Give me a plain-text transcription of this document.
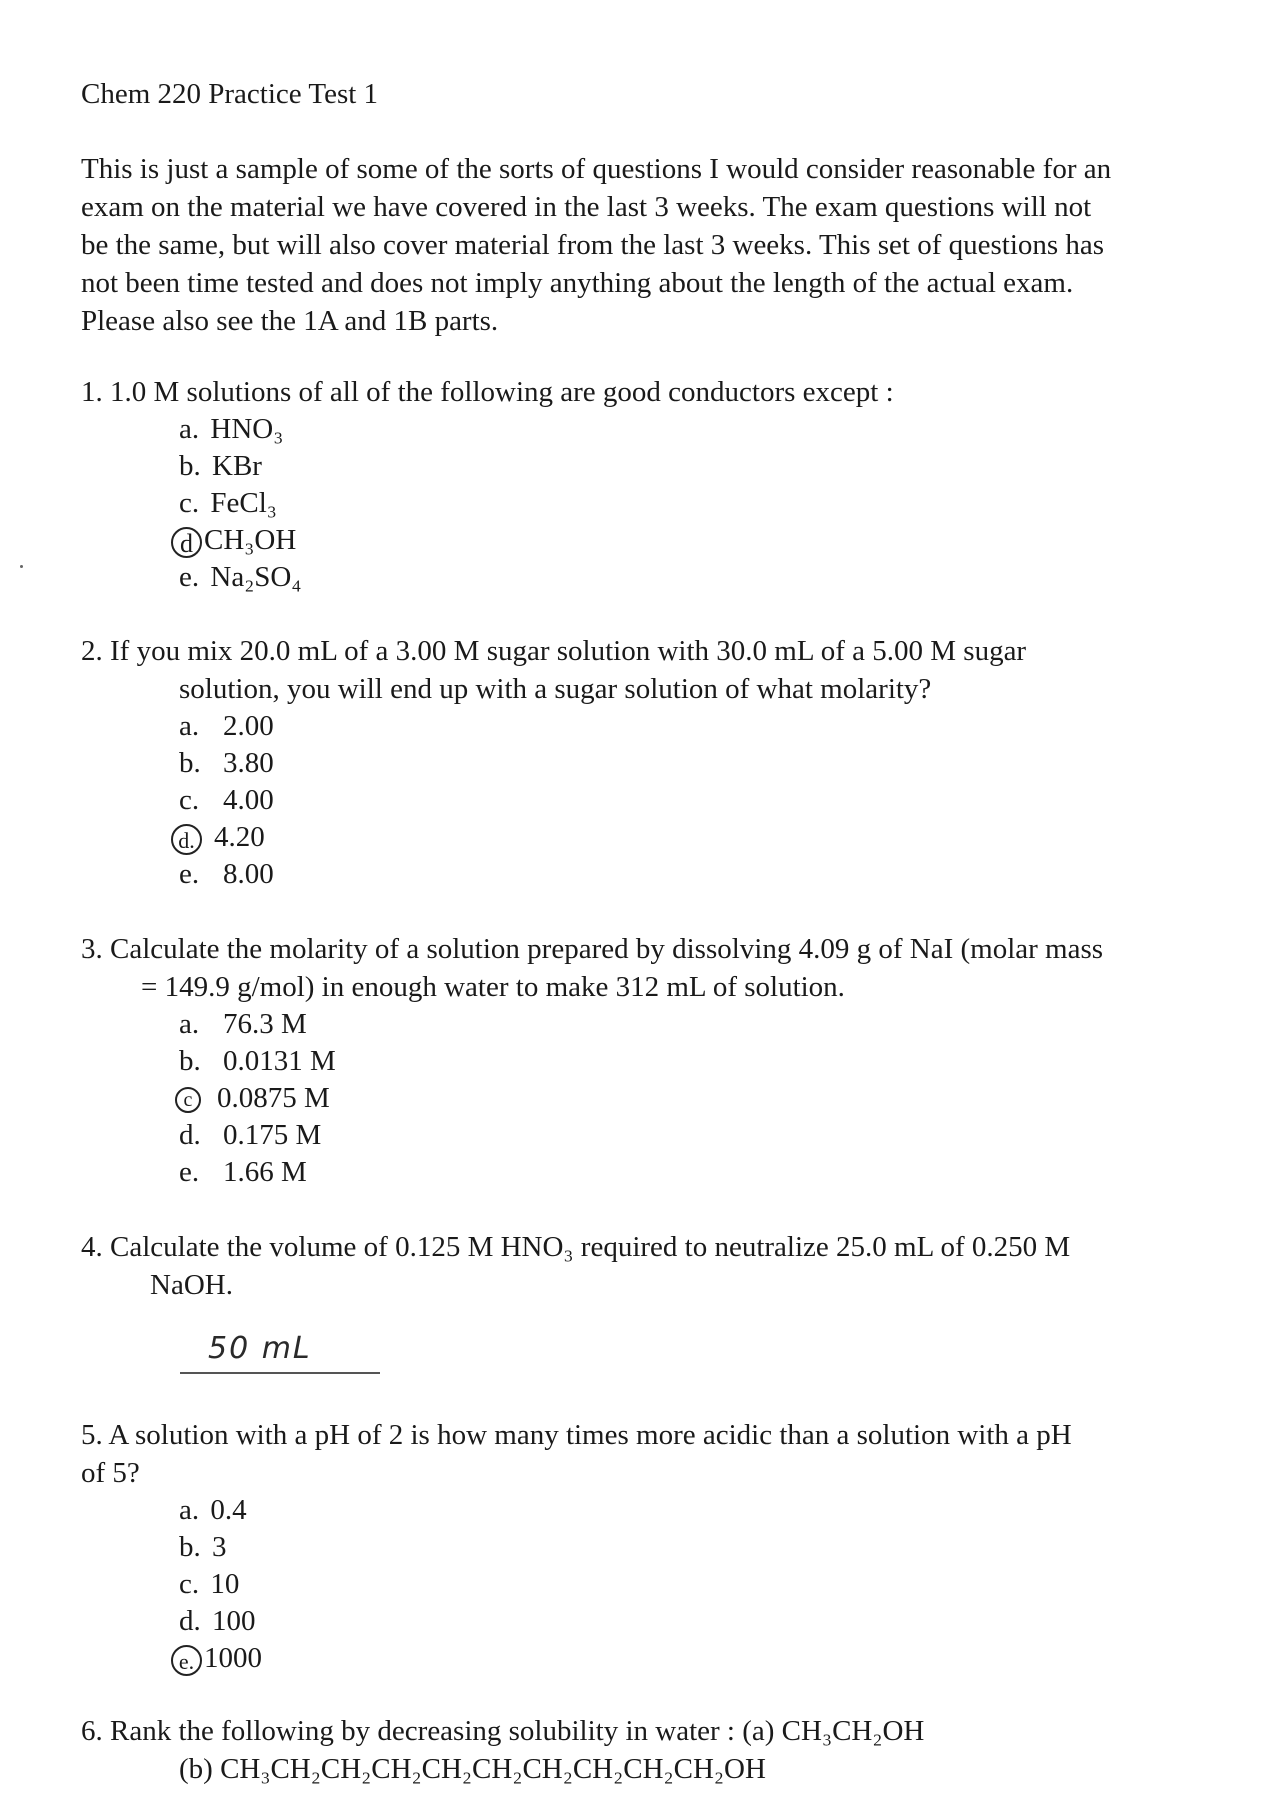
Chem 220 Practice Test 1
This is just a sample of some of the sorts of questions I would consider reasonable for an
exam on the material we have covered in the last 3 weeks. The exam questions will not
be the same, but will also cover material from the last 3 weeks. This set of questions has
not been time tested and does not imply anything about the length of the actual exam.
Please also see the 1A and 1B parts.
1. 1.0 M solutions of all of the following are good conductors except :
a. HNO₃
b. KBr
c. FeCl₃
d CH₃OH
e. Na₂SO₄
2. If you mix 20.0 mL of a 3.00 M sugar solution with 30.0 mL of a 5.00 M sugar
solution, you will end up with a sugar solution of what molarity?
a. 2.00
b. 3.80
c. 4.00
d. 4.20
e. 8.00
3. Calculate the molarity of a solution prepared by dissolving 4.09 g of NaI (molar mass
= 149.9 g/mol) in enough water to make 312 mL of solution.
a. 76.3 M
b. 0.0131 M
c 0.0875 M
d. 0.175 M
e. 1.66 M
4. Calculate the volume of 0.125 M HNO₃ required to neutralize 25.0 mL of 0.250 M
NaOH.
50 mL
5. A solution with a pH of 2 is how many times more acidic than a solution with a pH
of 5?
a. 0.4
b. 3
c. 10
d. 100
e. 1000
6. Rank the following by decreasing solubility in water : (a) CH₃CH₂OH
(b) CH₃CH₂CH₂CH₂CH₂CH₂CH₂CH₂CH₂CH₂OH
